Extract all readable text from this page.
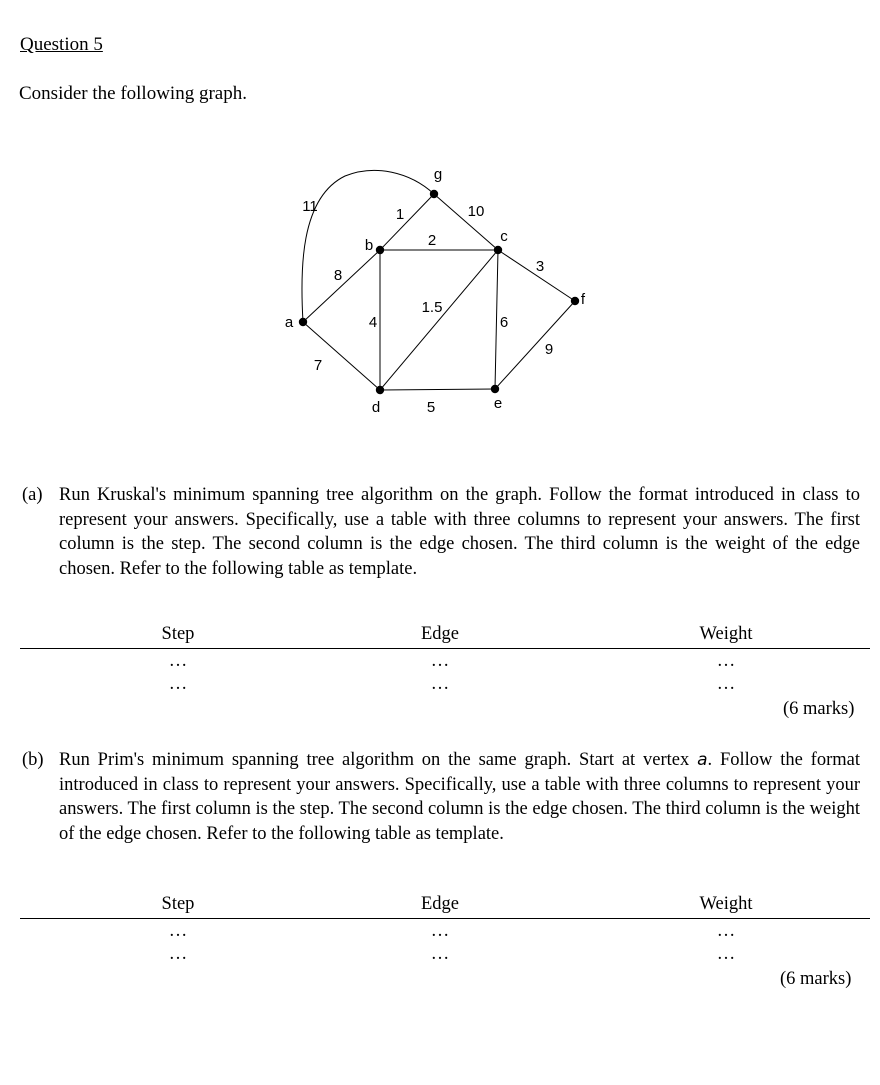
Question 5
Consider the following graph.
11	1	10
2
3
8
4
1.5
6
9
7
5
g
b
c
a
f
d	e
(a) Run Kruskal's minimum spanning tree algorithm on the graph. Follow the format introduced in class to represent your answers. Specifically, use a table with three columns to represent your answers. The first column is the step. The second column is the edge chosen. The third column is the weight of the edge chosen. Refer to the following table as template.
Step	Edge	Weight
…	…	…
…	…	…
(6 marks)
(b) Run Prim's minimum spanning tree algorithm on the same graph. Start at vertex a. Follow the format introduced in class to represent your answers. Specifically, use a table with three columns to represent your answers. The first column is the step. The second column is the edge chosen. The third column is the weight of the edge chosen. Refer to the following table as template.
Step	Edge	Weight
…	…	…
…	…	…
(6 marks)
